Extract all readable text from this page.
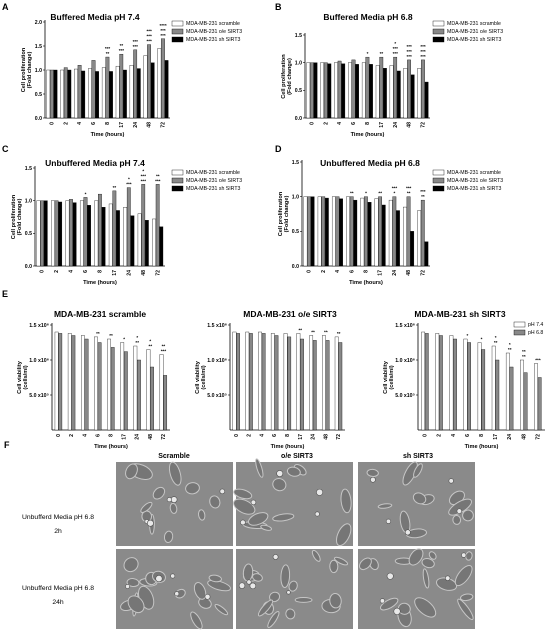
A	B
C	D
E
F
Buffered Media pH 7.4
0.0
0.5
1.0
1.5
2.0
Cell proliferation (Fold change)
0 2 4 6 8 17 24 48 72
Time (hours)
***
**
**
***
***
***
***
***
***
****
***
***
MDA-MB-231 scramble
MDA-MB-231 o/e SIRT3
MDA-MB-231 sh SIRT3
Buffered Media pH 6.8
0.0
0.5
1.0
1.5
Cell proliferation (Fold change)
0 2 4 6 8 17 24 48 72
Time (hours)
* **
*
***
***
***
***
***
***
***
***
MDA-MB-231 scramble
MDA-MB-231 o/e SIRT3
MDA-MB-231 sh SIRT3
Unbuffered Media pH 7.4
0.0
0.5
1.0
1.5
Cell proliferation (Fold change)
0 2 4 6 8 17 24 48 72
Time (hours)
*
**
*
***
*
***
***
**
***
MDA-MB-231 scramble
MDA-MB-231 o/e SIRT3
MDA-MB-231 sh SIRT3
Unbuffered Media pH 6.8
0.0
0.5
1.0
1.5
Cell proliferation (Fold change)
0 2 4 6 8 17 24 48 72
Time (hours)
**	*	**
***
*
***
** ***
**
MDA-MB-231 scramble
MDA-MB-231 o/e SIRT3
MDA-MB-231 sh SIRT3
MDA-MB-231 scramble
5.0 x10⁵
1.0 x10⁶
1.5 x10⁶
Cell viability (cells/ml)
0 2 4 6 8 17 24 48 72
Time (hours)
** **
* *
** *
** **
***
MDA-MB-231 o/e SIRT3
5.0 x10⁵
1.0 x10⁶
1.5 x10⁶
Cell viability (cells/ml)
0 2 4 6 8 17 24 48 72
Time (hours)
** ** ** **
MDA-MB-231 sh SIRT3
5.0 x10⁵
1.0 x10⁶
1.5 x10⁶
Cell viability (cells/ml)
0 2 4 6 8 17 24 48 72
Time (hours)
*
*	*
** *
** **
**
***
pH 7.4
pH 6.8
Scramble	o/e SIRT3	sh SIRT3
Unbufferd Media pH 6.8
2h
Unbufferd Media pH 6.8
24h
